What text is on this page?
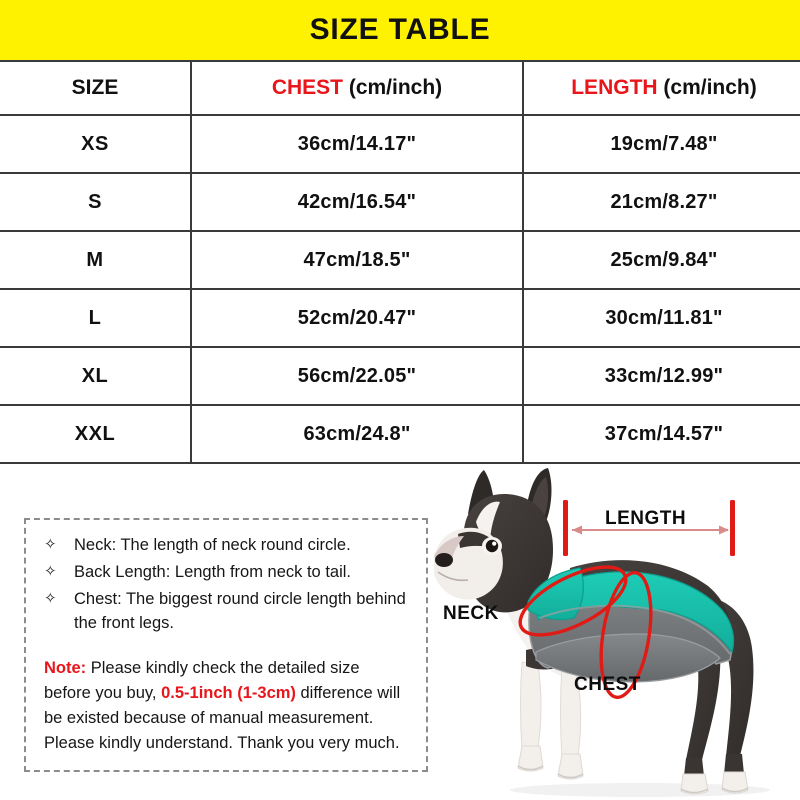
SIZE TABLE
SIZE	CHEST (cm/inch)	LENGTH (cm/inch)
XS	36cm/14.17"	19cm/7.48"
S	42cm/16.54"	21cm/8.27"
M	47cm/18.5"	25cm/9.84"
L	52cm/20.47"	30cm/11.81"
XL	56cm/22.05"	33cm/12.99"
XXL	63cm/24.8"	37cm/14.57"
✧	Neck: The length of neck round circle.
✧	Back Length: Length from neck to tail.
✧	Chest: The biggest round circle length behind the front legs.

Note: Please kindly check the detailed size before you buy, 0.5-1inch (1-3cm) difference will be existed because of manual measurement. Please kindly understand. Thank you very much.

LENGTH
NECK
CHEST
